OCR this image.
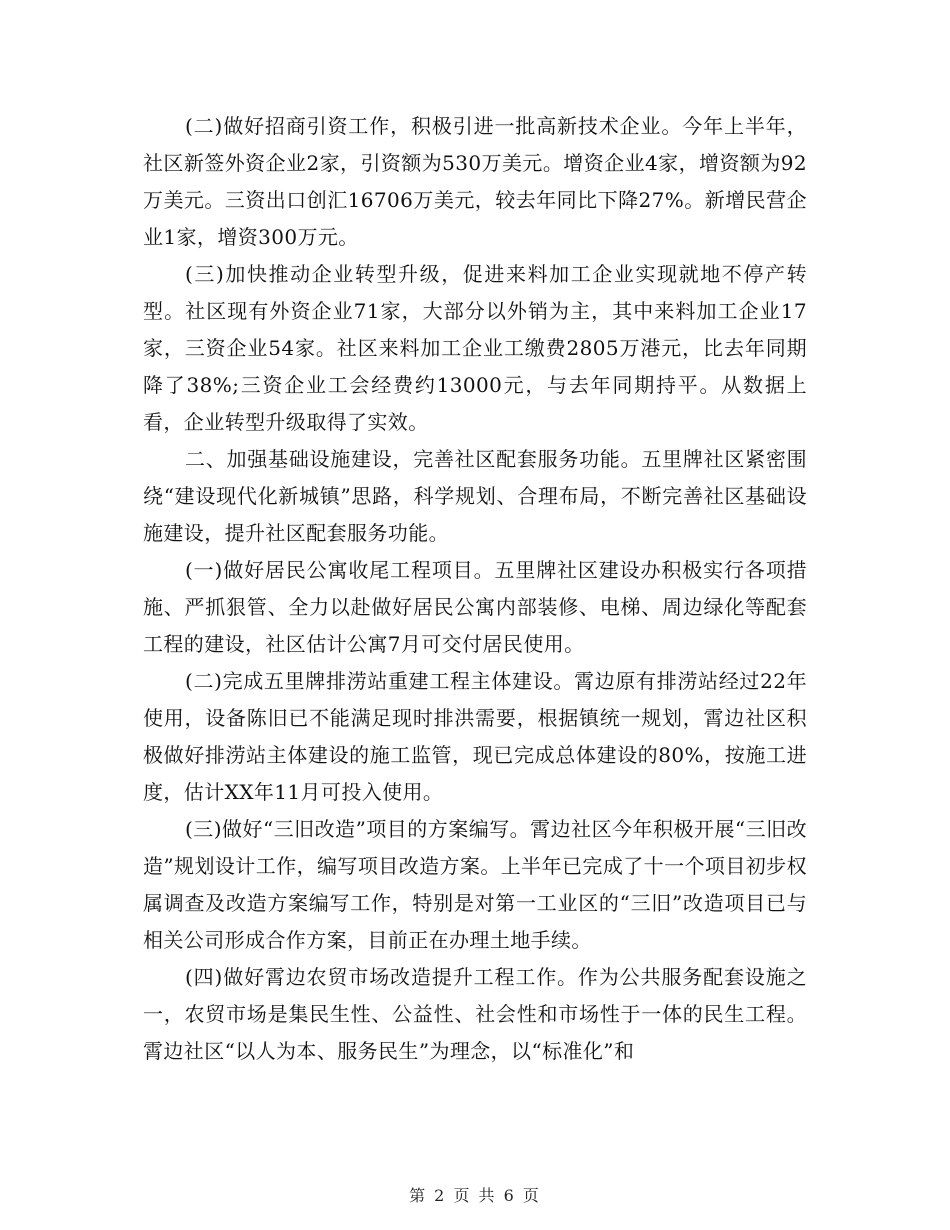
(二)做好招商引资工作，积极引进一批高新技术企业。今年上半年，社区新签外资企业2家，引资额为530万美元。增资企业4家，增资额为92万美元。三资出口创汇16706万美元，较去年同比下降27%。新增民营企业1家，增资300万元。

(三)加快推动企业转型升级，促进来料加工企业实现就地不停产转型。社区现有外资企业71家，大部分以外销为主，其中来料加工企业17家，三资企业54家。社区来料加工企业工缴费2805万港元，比去年同期降了38%;三资企业工会经费约13000元，与去年同期持平。从数据上看，企业转型升级取得了实效。

二、加强基础设施建设，完善社区配套服务功能。五里牌社区紧密围绕“建设现代化新城镇”思路，科学规划、合理布局，不断完善社区基础设施建设，提升社区配套服务功能。

(一)做好居民公寓收尾工程项目。五里牌社区建设办积极实行各项措施、严抓狠管、全力以赴做好居民公寓内部装修、电梯、周边绿化等配套工程的建设，社区估计公寓7月可交付居民使用。

(二)完成五里牌排涝站重建工程主体建设。霄边原有排涝站经过22年使用，设备陈旧已不能满足现时排洪需要，根据镇统一规划，霄边社区积极做好排涝站主体建设的施工监管，现已完成总体建设的80%，按施工进度，估计XX年11月可投入使用。

(三)做好“三旧改造”项目的方案编写。霄边社区今年积极开展“三旧改造”规划设计工作，编写项目改造方案。上半年已完成了十一个项目初步权属调查及改造方案编写工作，特别是对第一工业区的“三旧”改造项目已与相关公司形成合作方案，目前正在办理土地手续。

(四)做好霄边农贸市场改造提升工程工作。作为公共服务配套设施之一，农贸市场是集民生性、公益性、社会性和市场性于一体的民生工程。霄边社区“以人为本、服务民生”为理念，以“标准化”和

第 2 页 共 6 页
